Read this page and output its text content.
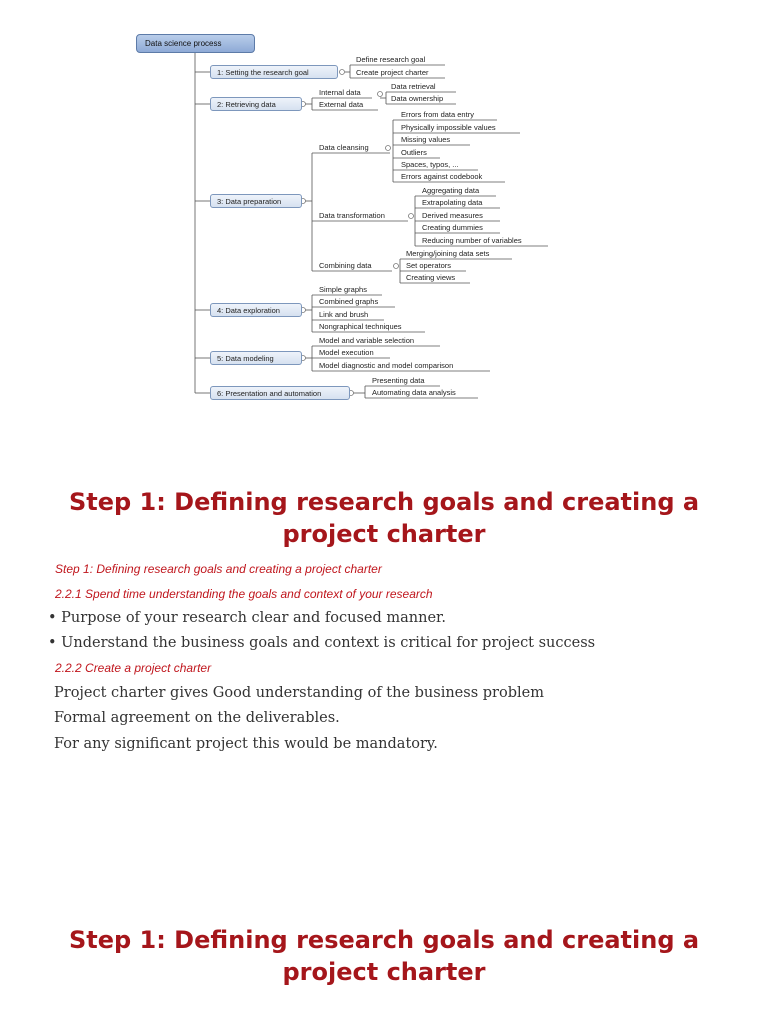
Data science process
1: Setting the research goal
Define research goal
Create project charter
2: Retrieving data
Internal data
External data
Data retrieval
Data ownership
3: Data preparation
Data cleansing
Errors from data entry
Physically impossible values
Missing values
Outliers
Spaces, typos, ...
Errors against codebook
Data transformation
Aggregating data
Extrapolating data
Derived measures
Creating dummies
Reducing number of variables
Combining data
Merging/joining data sets
Set operators
Creating views
4: Data exploration
Simple graphs
Combined graphs
Link and brush
Nongraphical techniques
5: Data modeling
Model and variable selection
Model execution
Model diagnostic and model comparison
6: Presentation and automation
Presenting data
Automating data analysis
Step 1: Defining research goals and creating a
project charter
Step 1: Defining research goals and creating a project charter
2.2.1 Spend time understanding the goals and context of your research
• Purpose of your research clear and focused manner.
• Understand the business goals and context is critical for project success
2.2.2 Create a project charter
Project charter gives Good understanding of the business problem
Formal agreement on the deliverables.
For any significant project this would be mandatory.
Step 1: Defining research goals and creating a
project charter
